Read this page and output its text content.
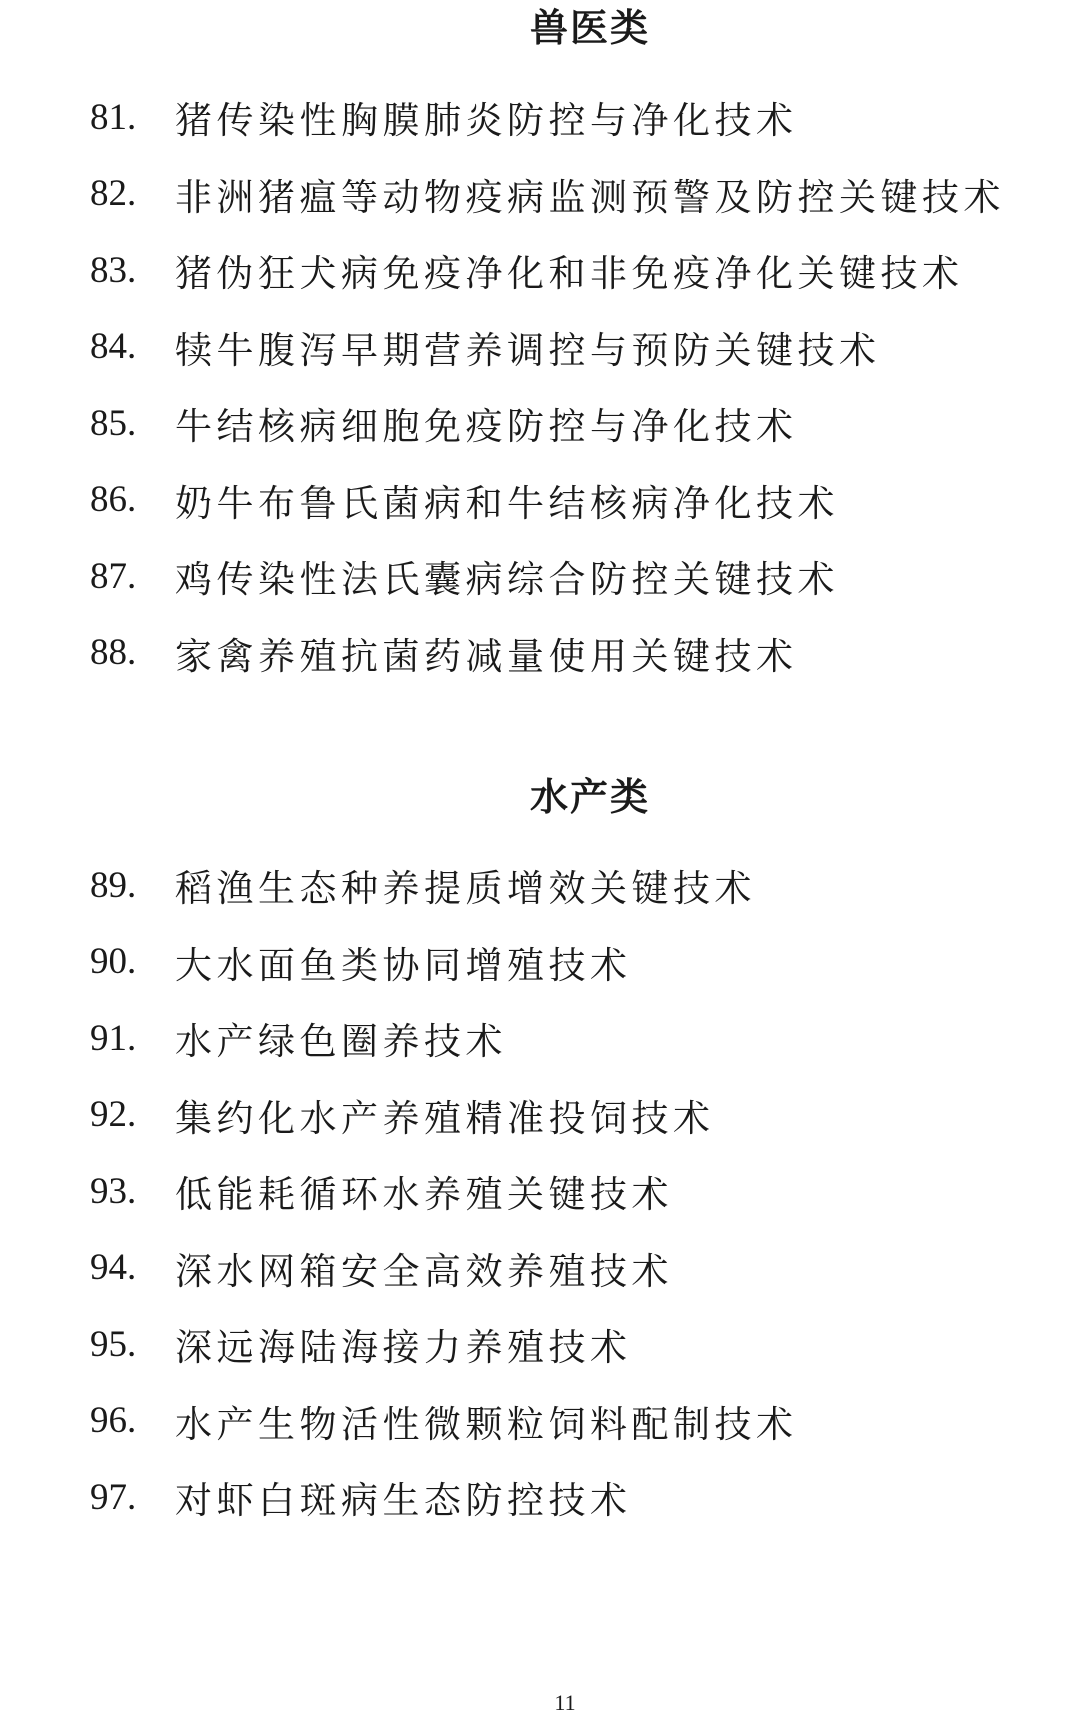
兽医类
81.	猪传染性胸膜肺炎防控与净化技术
82.	非洲猪瘟等动物疫病监测预警及防控关键技术
83.	猪伪狂犬病免疫净化和非免疫净化关键技术
84.	犊牛腹泻早期营养调控与预防关键技术
85.	牛结核病细胞免疫防控与净化技术
86.	奶牛布鲁氏菌病和牛结核病净化技术
87.	鸡传染性法氏囊病综合防控关键技术
88.	家禽养殖抗菌药减量使用关键技术
水产类
89.	稻渔生态种养提质增效关键技术
90.	大水面鱼类协同增殖技术
91.	水产绿色圈养技术
92.	集约化水产养殖精准投饲技术
93.	低能耗循环水养殖关键技术
94.	深水网箱安全高效养殖技术
95.	深远海陆海接力养殖技术
96.	水产生物活性微颗粒饲料配制技术
97.	对虾白斑病生态防控技术
11
